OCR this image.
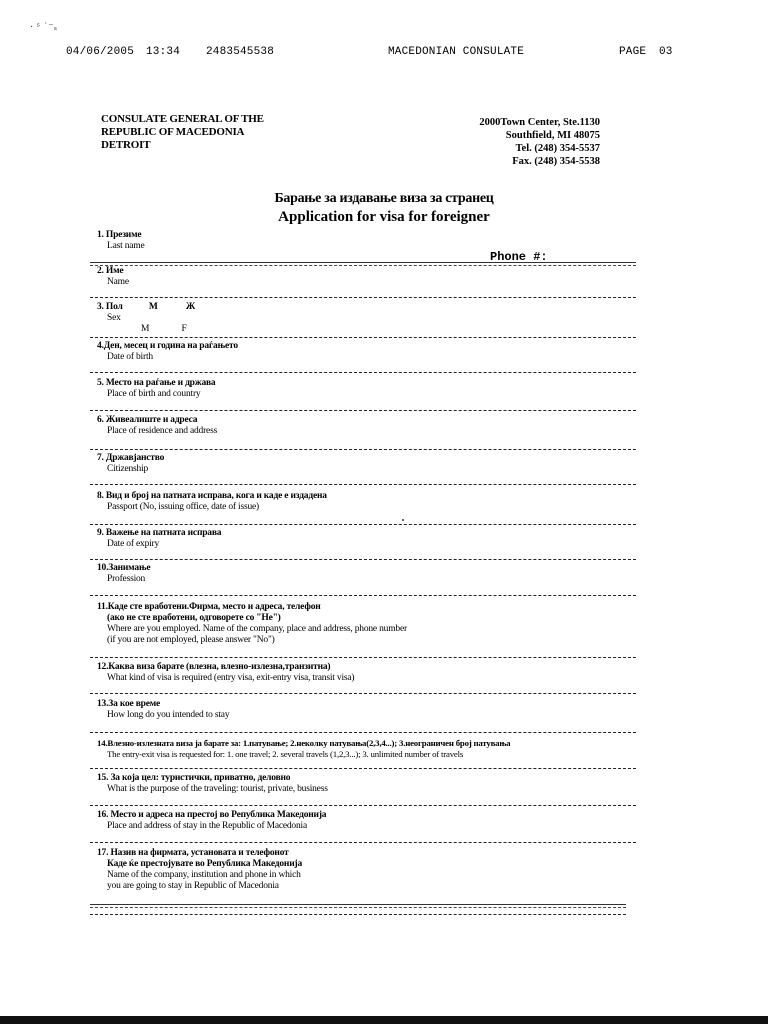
· ˢ ˙⁻ₛ
04/06/2005 13:34 2483545538	MACEDONIAN CONSULATE	PAGE 03
CONSULATE GENERAL OF THE
REPUBLIC OF MACEDONIA
DETROIT
2000Town Center, Ste.1130
Southfield, MI 48075
Tel. (248) 354-5537
Fax. (248) 354-5538
Барање за издавање виза за странец
Application for visa for foreigner
1. Презиме
Last name
Phone #:
2. Име
Name
3. Пол	М	Ж
Sex
M	F
4.Ден, месец и година на раѓањето
Date of birth
5. Место на раѓање и држава
Place of birth and country
6. Живеалиште и адреса
Place of residence and address
7. Државјанство
Citizenship
8. Вид и број на патната исправа, кога и каде е издадена
Passport (No, issuing office, date of issue)
9. Важење на патната исправа
Date of expiry
10.Занимање
Profession
11.Каде сте вработени.Фирма, место и адреса, телефон
(ако не сте вработени, одговорете со "Не")
Where are you employed. Name of the company, place and address, phone number
(if you are not employed, please answer "No")
12.Каква виза барате (влезна, влезно-излезна,транзитна)
What kind of visa is required (entry visa, exit-entry visa, transit visa)
13.За кое време
How long do you intended to stay
14.Влезно-излезната виза ја барате за: 1.патување; 2.неколку патувања(2,3,4...); 3.неограничен број патувања
The entry-exit visa is requested for: 1. one travel; 2. several travels (1,2,3...); 3. unlimited number of travels
15. За која цел: туристички, приватно, деловно
What is the purpose of the traveling: tourist, private, business
16. Место и адреса на престој во Република Македонија
Place and address of stay in the Republic of Macedonia
17. Назив на фирмата, установата и телефонот
Каде ќе престојувате во Република Македонија
Name of the company, institution and phone in which
you are going to stay in Republic of Macedonia
